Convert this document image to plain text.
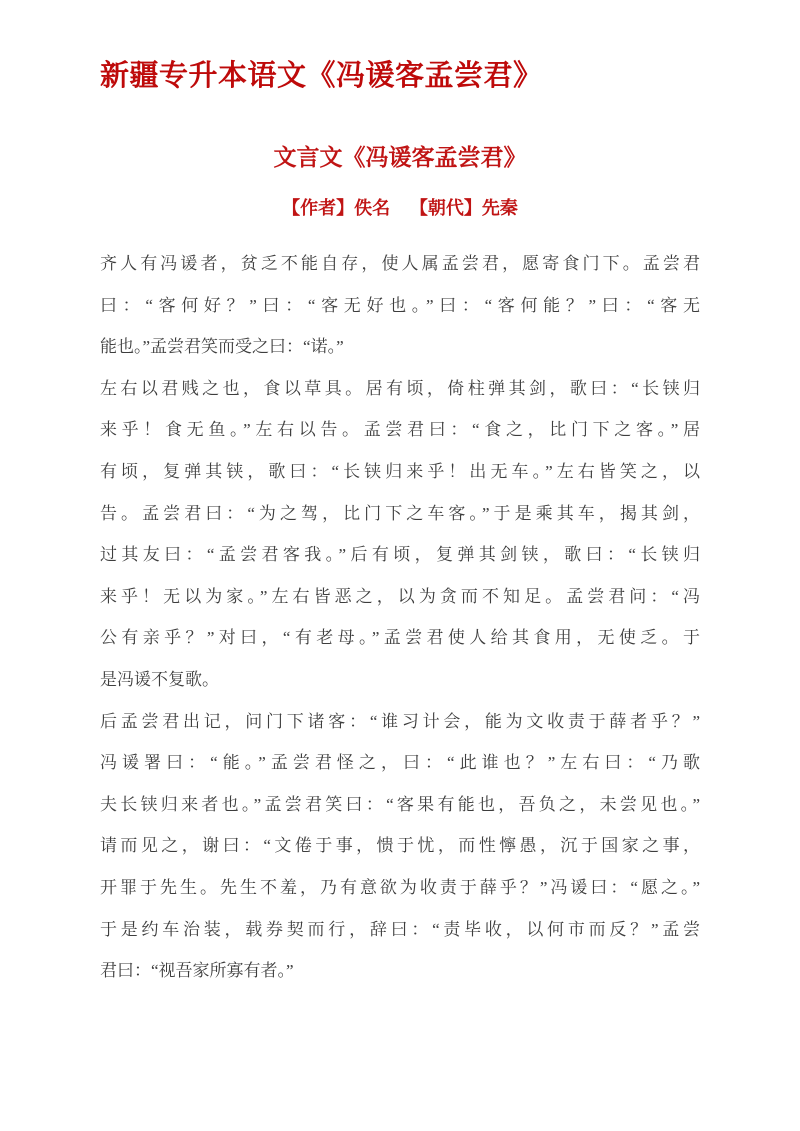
新疆专升本语文《冯谖客孟尝君》
文言文《冯谖客孟尝君》
【作者】佚名 【朝代】先秦
齐人有冯谖者，贫乏不能自存，使人属孟尝君，愿寄食门下。孟尝君
曰：“客何好？”曰：“客无好也。”曰：“客何能？”曰：“客无
能也。”孟尝君笑而受之曰：“诺。”
左右以君贱之也，食以草具。居有顷，倚柱弹其剑，歌曰：“长铗归
来乎！食无鱼。”左右以告。孟尝君曰：“食之，比门下之客。”居
有顷，复弹其铗，歌曰：“长铗归来乎！出无车。”左右皆笑之，以
告。孟尝君曰：“为之驾，比门下之车客。”于是乘其车，揭其剑，
过其友曰：“孟尝君客我。”后有顷，复弹其剑铗，歌曰：“长铗归
来乎！无以为家。”左右皆恶之，以为贪而不知足。孟尝君问：“冯
公有亲乎？”对曰，“有老母。”孟尝君使人给其食用，无使乏。于
是冯谖不复歌。
后孟尝君出记，问门下诸客：“谁习计会，能为文收责于薛者乎？”
冯谖署曰：“能。”孟尝君怪之，曰：“此谁也？”左右曰：“乃歌
夫长铗归来者也。”孟尝君笑曰：“客果有能也，吾负之，未尝见也。”
请而见之，谢曰：“文倦于事，愦于忧，而性懧愚，沉于国家之事，
开罪于先生。先生不羞，乃有意欲为收责于薛乎？”冯谖曰：“愿之。”
于是约车治装，载券契而行，辞曰：“责毕收，以何市而反？”孟尝
君曰：“视吾家所寡有者。”
